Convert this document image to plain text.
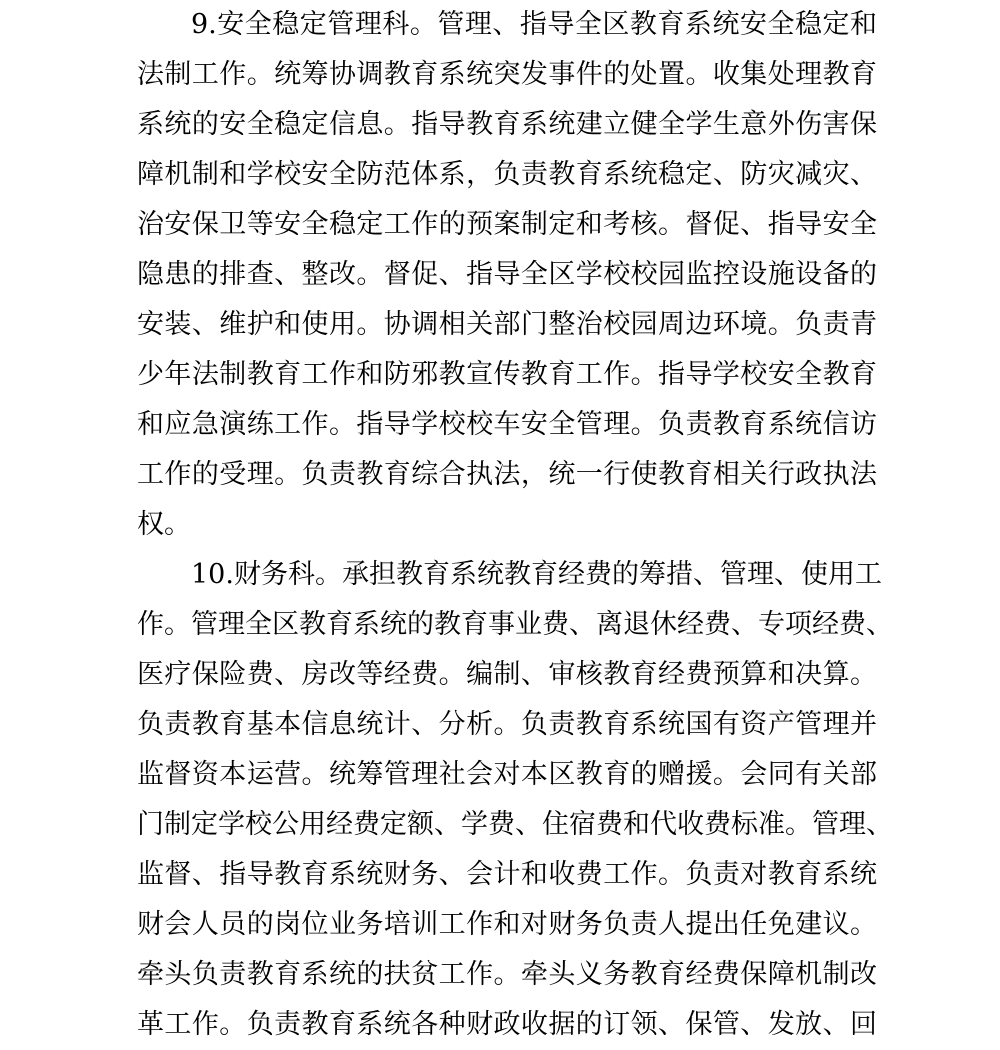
9.安全稳定管理科。管理、指导全区教育系统安全稳定和
法制工作。统筹协调教育系统突发事件的处置。收集处理教育
系统的安全稳定信息。指导教育系统建立健全学生意外伤害保
障机制和学校安全防范体系，负责教育系统稳定、防灾减灾、
治安保卫等安全稳定工作的预案制定和考核。督促、指导安全
隐患的排查、整改。督促、指导全区学校校园监控设施设备的
安装、维护和使用。协调相关部门整治校园周边环境。负责青
少年法制教育工作和防邪教宣传教育工作。指导学校安全教育
和应急演练工作。指导学校校车安全管理。负责教育系统信访
工作的受理。负责教育综合执法，统一行使教育相关行政执法
权。
10.财务科。承担教育系统教育经费的筹措、管理、使用工
作。管理全区教育系统的教育事业费、离退休经费、专项经费、
医疗保险费、房改等经费。编制、审核教育经费预算和决算。
负责教育基本信息统计、分析。负责教育系统国有资产管理并
监督资本运营。统筹管理社会对本区教育的赠援。会同有关部
门制定学校公用经费定额、学费、住宿费和代收费标准。管理、
监督、指导教育系统财务、会计和收费工作。负责对教育系统
财会人员的岗位业务培训工作和对财务负责人提出任免建议。
牵头负责教育系统的扶贫工作。牵头义务教育经费保障机制改
革工作。负责教育系统各种财政收据的订领、保管、发放、回
